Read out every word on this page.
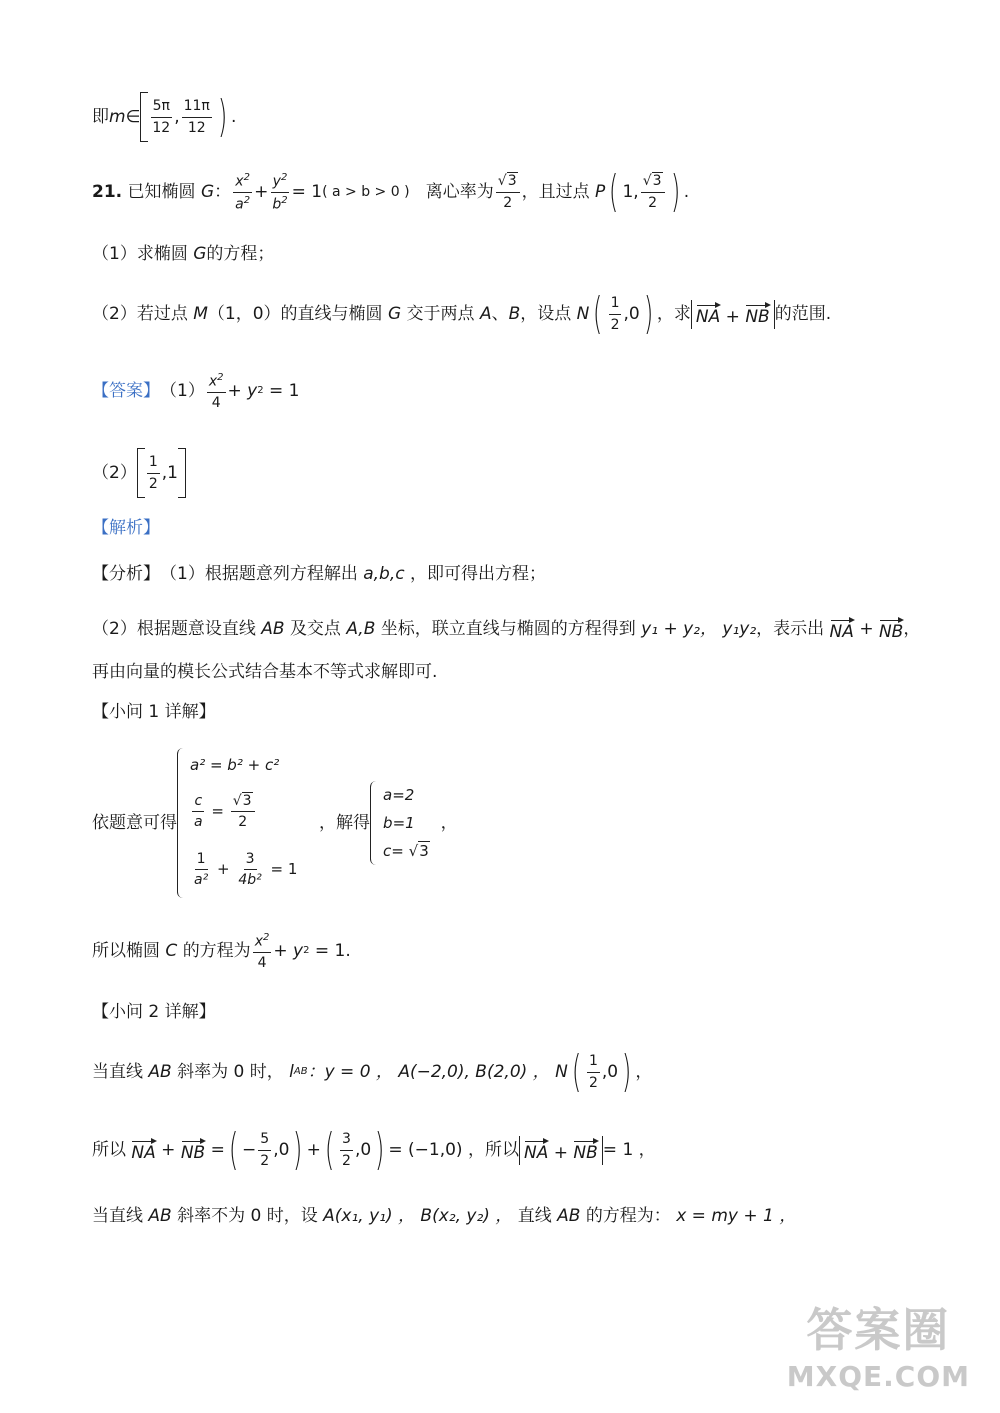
即 m ∈ $\frac{5\pi}{12}$ , $\frac{11\pi}{12}$ ) .
21.
已知椭圆
G ： $\frac{x^2}{a^2} + \frac{y^2}{b^2} = 1$ ( a > b > 0 )
离心率为 $\frac{√3}{2}$ ，且过点
P ( 1, $\frac{√3}{2}$ ) .
（1） 求椭圆
G 的方程；
（2） 若过点
M （1，0） 的直线与椭圆
G
交于两点
A 、 B ，设点
N ( $\frac{1}{2} ,0$ ) ，求 NA + NB 的范围.
【答案】 $(1) \frac{x^2}{4} + y$ 2
= 1
$(2) \frac{1}{2} ,1$
【解析】
【分析】 （1）根据题意列方程解出
a,b,c
，即可得出方程；
（2）根据题意设直线
AB
及交点
A,B
坐标，联立直线与椭圆的方程得到
y₁ + y₂ ， y₁y₂ ，表示出
NA
+
NB ，
再由向量的模长公式结合基本不等式求解即可.
【小问 1 详解】
依题意可得
a² = b² + c²
$\frac{c}{a} = \frac{√3}{2}$
$\frac{1}{\text{a²}} + \frac{3}{\text{4b²}} = 1$

，解得
a=2
b=1
c= √3

，
所以椭圆
C
的方程为 $\frac{x^2}{4} + y$ 2
= 1.
【小问 2 详解】
当直线
AB
斜率为 0 时，
l AB ：y = 0 ，
A(−2,0), B(2,0) ，
N ( $\frac{1}{2} ,0$ ) ，
所以
NA
+
NB
= ( − $\frac{5}{2} ,0$ ) + ( $\frac{3}{2} ,0$ ) = (−1,0) ，所以 NA + NB = 1 ，
当直线
AB
斜率不为 0 时，设
A(x₁, y₁) ，
B(x₂, y₂) ，
直线
AB
的方程为：
x = my + 1 ，
答案圈
MXQE.COM
